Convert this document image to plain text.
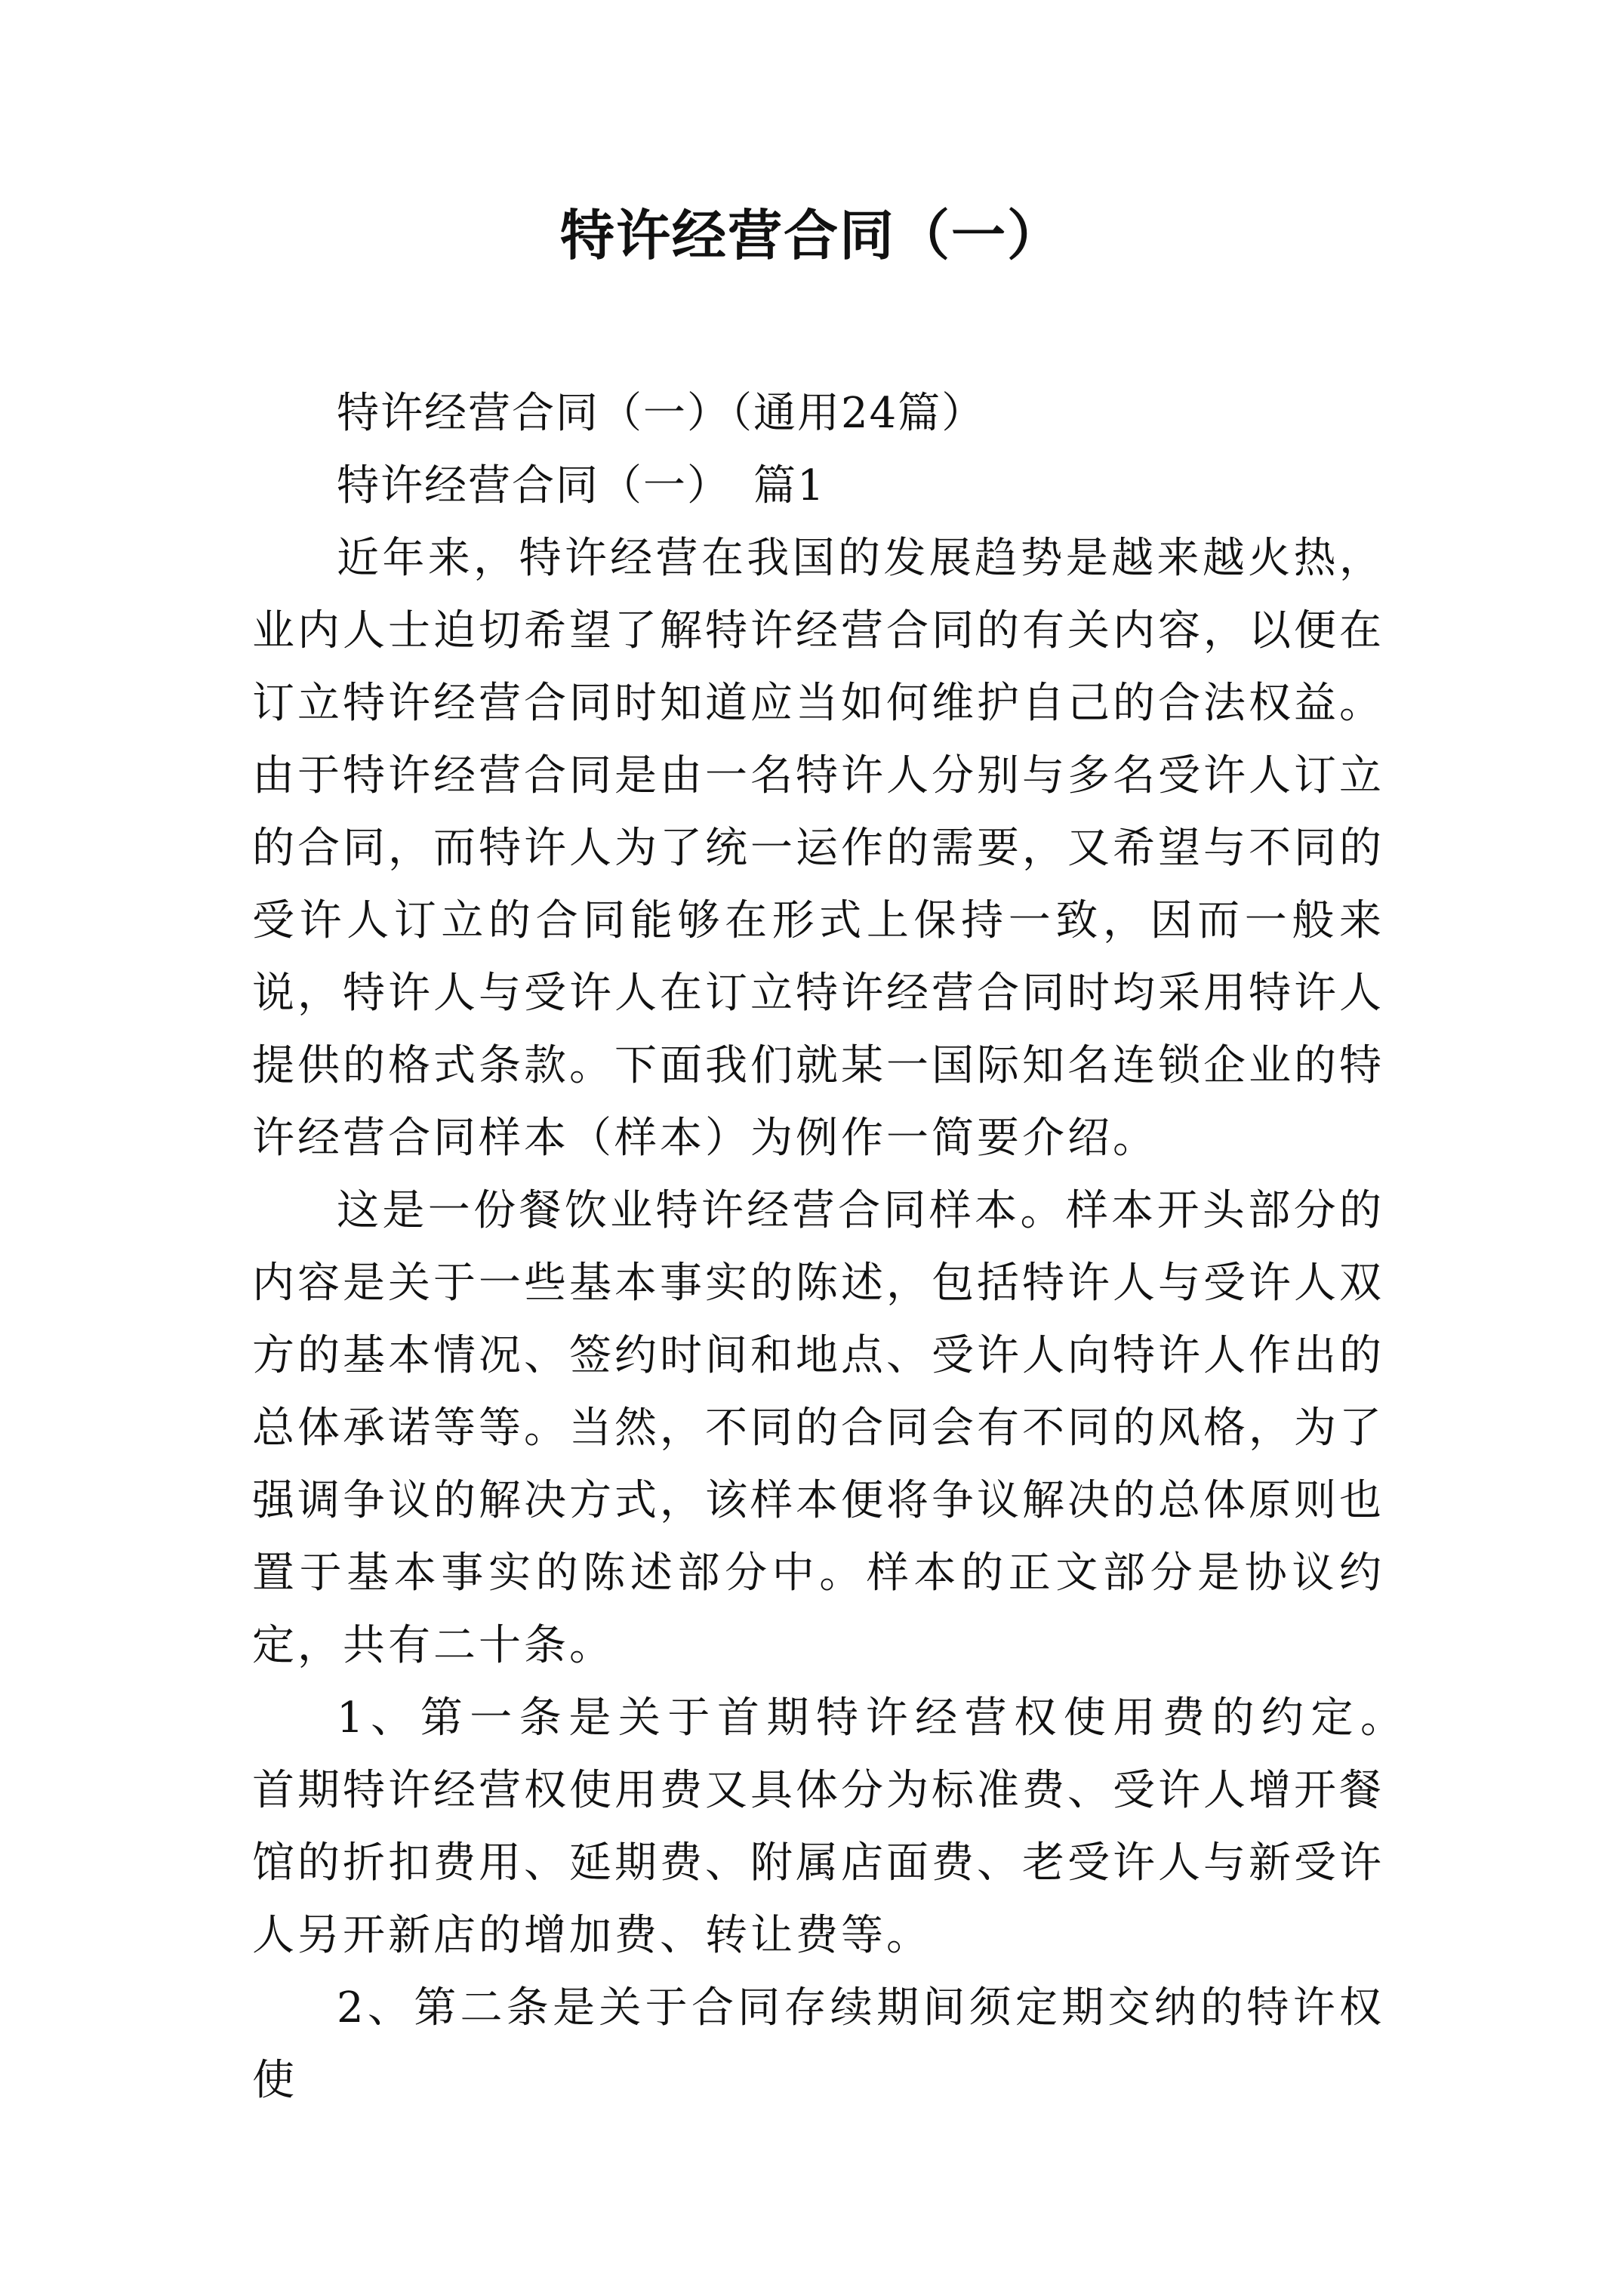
特许经营合同（一）

特许经营合同（一）（通用24篇）

特许经营合同（一）　篇1

近年来，特许经营在我国的发展趋势是越来越火热，业内人士迫切希望了解特许经营合同的有关内容，以便在订立特许经营合同时知道应当如何维护自己的合法权益。由于特许经营合同是由一名特许人分别与多名受许人订立的合同，而特许人为了统一运作的需要，又希望与不同的受许人订立的合同能够在形式上保持一致，因而一般来说，特许人与受许人在订立特许经营合同时均采用特许人提供的格式条款。下面我们就某一国际知名连锁企业的特许经营合同样本（样本）为例作一简要介绍。

这是一份餐饮业特许经营合同样本。样本开头部分的内容是关于一些基本事实的陈述，包括特许人与受许人双方的基本情况、签约时间和地点、受许人向特许人作出的总体承诺等等。当然，不同的合同会有不同的风格，为了强调争议的解决方式，该样本便将争议解决的总体原则也置于基本事实的陈述部分中。样本的正文部分是协议约定，共有二十条。

1、第一条是关于首期特许经营权使用费的约定。　首期特许经营权使用费又具体分为标准费、受许人增开餐馆的折扣费用、延期费、附属店面费、老受许人与新受许人另开新店的增加费、转让费等。

2、第二条是关于合同存续期间须定期交纳的特许权使
